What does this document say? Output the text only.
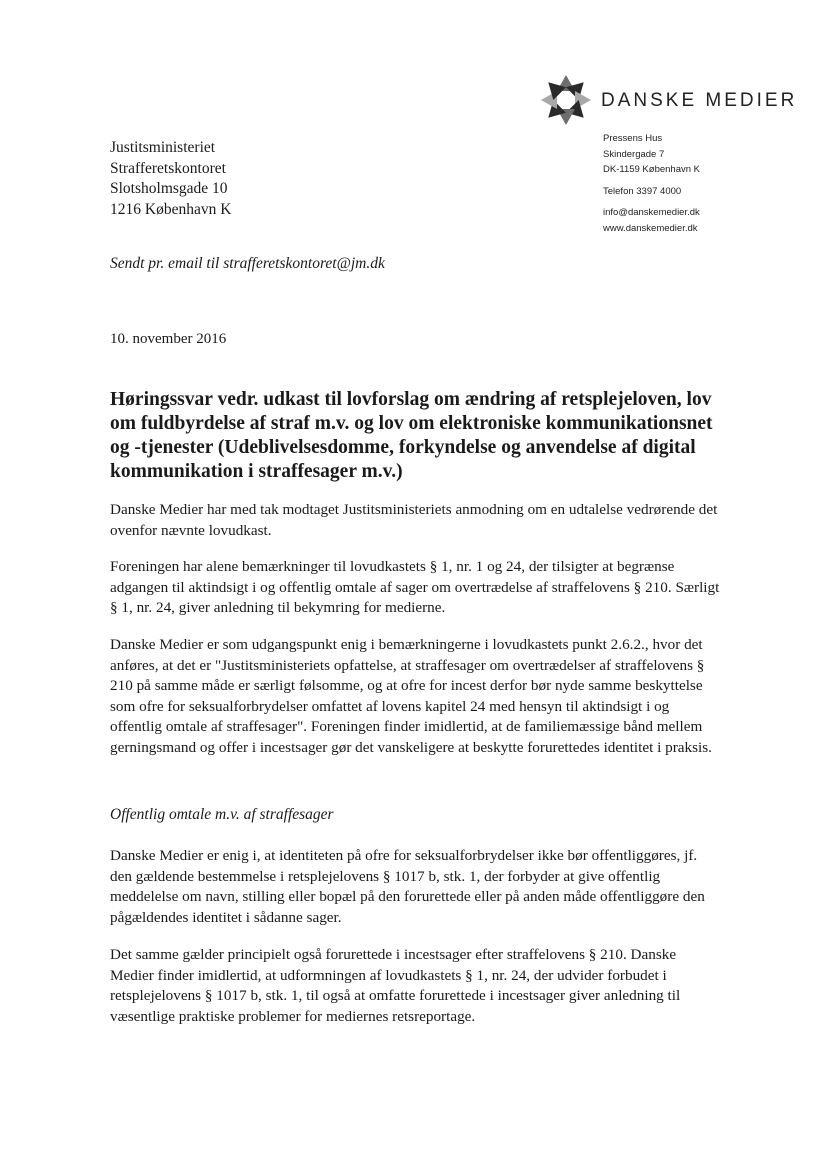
DANSKE MEDIER
Pressens Hus
Skindergade 7
DK-1159 København K
Telefon 3397 4000
info@danskemedier.dk
www.danskemedier.dk
Justitsministeriet
Strafferetskontoret
Slotsholmsgade 10
1216 København K
Sendt pr. email til strafferetskontoret@jm.dk
10. november 2016
Høringssvar vedr. udkast til lovforslag om ændring af retsplejeloven, lov om fuldbyrdelse af straf m.v. og lov om elektroniske kommunikationsnet og -tjenester (Udeblivelsesdomme, forkyndelse og anvendelse af digital kommunikation i straffesager m.v.)

Danske Medier har med tak modtaget Justitsministeriets anmodning om en udtalelse vedrørende det ovenfor nævnte lovudkast.

Foreningen har alene bemærkninger til lovudkastets § 1, nr. 1 og 24, der tilsigter at begrænse adgangen til aktindsigt i og offentlig omtale af sager om overtrædelse af straffelovens § 210. Særligt § 1, nr. 24, giver anledning til bekymring for medierne.

Danske Medier er som udgangspunkt enig i bemærkningerne i lovudkastets punkt 2.6.2., hvor det anføres, at det er "Justitsministeriets opfattelse, at straffesager om overtrædelser af straffelovens § 210 på samme måde er særligt følsomme, og at ofre for incest derfor bør nyde samme beskyttelse som ofre for seksualforbrydelser omfattet af lovens kapitel 24 med hensyn til aktindsigt i og offentlig omtale af straffesager". Foreningen finder imidlertid, at de familiemæssige bånd mellem gerningsmand og offer i incestsager gør det vanskeligere at beskytte forurettedes identitet i praksis.

Offentlig omtale m.v. af straffesager

Danske Medier er enig i, at identiteten på ofre for seksualforbrydelser ikke bør offentliggøres, jf. den gældende bestemmelse i retsplejelovens § 1017 b, stk. 1, der forbyder at give offentlig meddelelse om navn, stilling eller bopæl på den forurettede eller på anden måde offentliggøre den pågældendes identitet i sådanne sager.

Det samme gælder principielt også forurettede i incestsager efter straffelovens § 210. Danske Medier finder imidlertid, at udformningen af lovudkastets § 1, nr. 24, der udvider forbudet i retsplejelovens § 1017 b, stk. 1, til også at omfatte forurettede i incestsager giver anledning til væsentlige praktiske problemer for mediernes retsreportage.
